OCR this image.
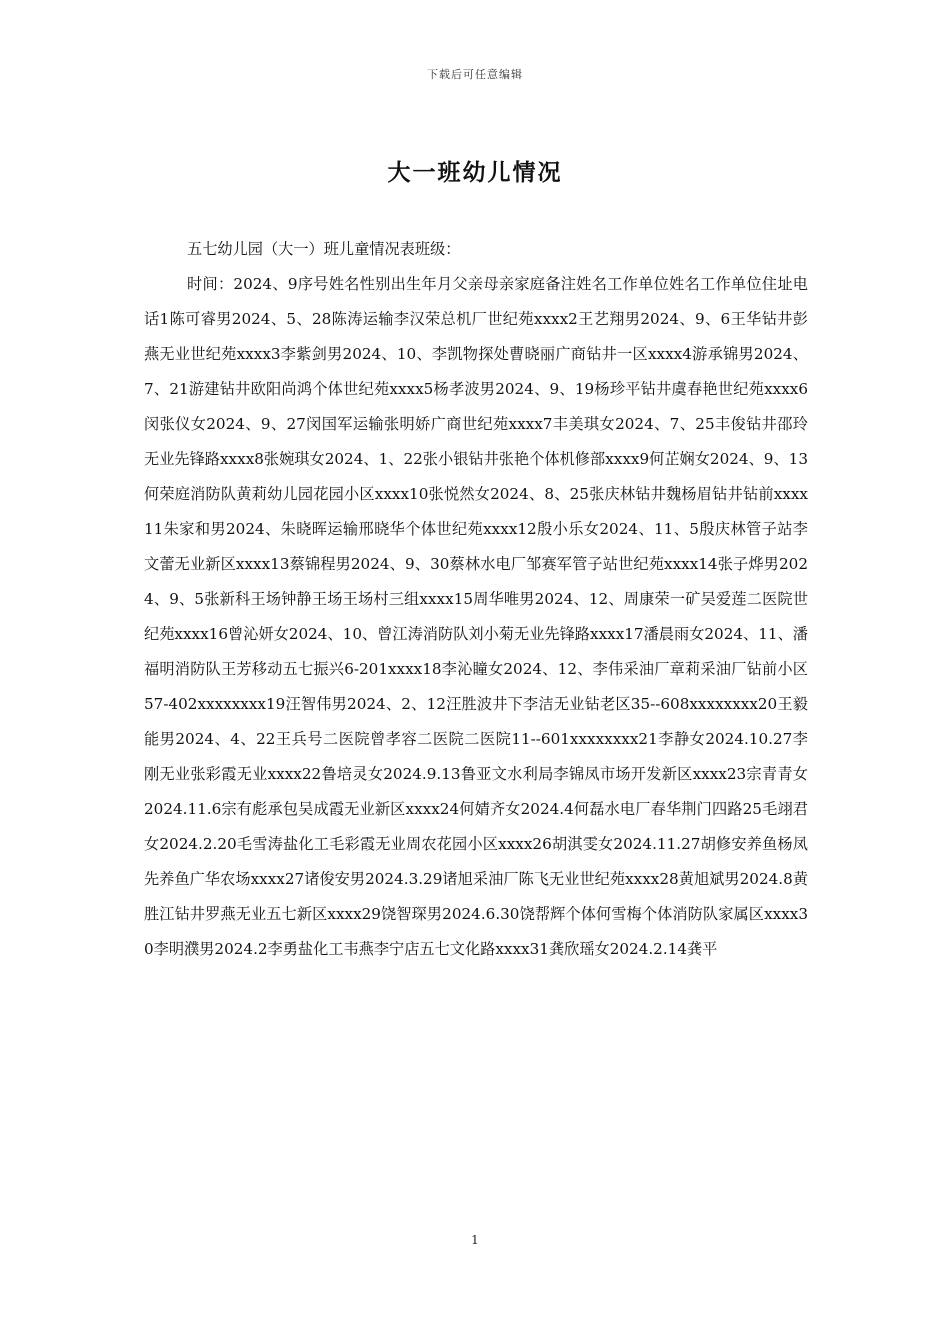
下载后可任意编辑
大一班幼儿情况

五七幼儿园（大一）班儿童情况表班级：

时间：2024、9序号姓名性别出生年月父亲母亲家庭备注姓名工作单位姓名工作单位住址电话1陈可睿男2024、5、28陈涛运输李汉荣总机厂世纪苑xxxx2王艺翔男2024、9、6王华钻井彭燕无业世纪苑xxxx3李紫剑男2024、10、李凯物探处曹晓丽广商钻井一区xxxx4游承锦男2024、7、21游建钻井欧阳尚鸿个体世纪苑xxxx5杨孝波男2024、9、19杨珍平钻井虞春艳世纪苑xxxx6闵张仪女2024、9、27闵国军运输张明娇广商世纪苑xxxx7丰美琪女2024、7、25丰俊钻井邵玲无业先锋路xxxx8张婉琪女2024、1、22张小银钻井张艳个体机修部xxxx9何芷娴女2024、9、13何荣庭消防队黄莉幼儿园花园小区xxxx10张悦然女2024、8、25张庆林钻井魏杨眉钻井钻前xxxx11朱家和男2024、朱晓晖运输邢晓华个体世纪苑xxxx12殷小乐女2024、11、5殷庆林管子站李文蕾无业新区xxxx13蔡锦程男2024、9、30蔡林水电厂邹赛军管子站世纪苑xxxx14张子烨男2024、9、5张新科王场钟静王场王场村三组xxxx15周华唯男2024、12、周康荣一矿吴爱莲二医院世纪苑xxxx16曾沁妍女2024、10、曾江涛消防队刘小菊无业先锋路xxxx17潘晨雨女2024、11、潘福明消防队王芳移动五七振兴6-201xxxx18李沁瞳女2024、12、李伟采油厂章莉采油厂钻前小区57-402xxxxxxxx19汪智伟男2024、2、12汪胜波井下李洁无业钻老区35--608xxxxxxxx20王毅能男2024、4、22王兵号二医院曾孝容二医院二医院11--601xxxxxxxx21李静女2024.10.27李刚无业张彩霞无业xxxx22鲁培灵女2024.9.13鲁亚文水利局李锦凤市场开发新区xxxx23宗青青女2024.11.6宗有彪承包吴成霞无业新区xxxx24何婧齐女2024.4何磊水电厂春华荆门四路25毛翊君女2024.2.20毛雪涛盐化工毛彩霞无业周农花园小区xxxx26胡淇雯女2024.11.27胡修安养鱼杨凤先养鱼广华农场xxxx27诸俊安男2024.3.29诸旭采油厂陈飞无业世纪苑xxxx28黄旭斌男2024.8黄胜江钻井罗燕无业五七新区xxxx29饶智琛男2024.6.30饶帮辉个体何雪梅个体消防队家属区xxxx30李明濮男2024.2李勇盐化工韦燕李宁店五七文化路xxxx31龚欣瑶女2024.2.14龚平

1
